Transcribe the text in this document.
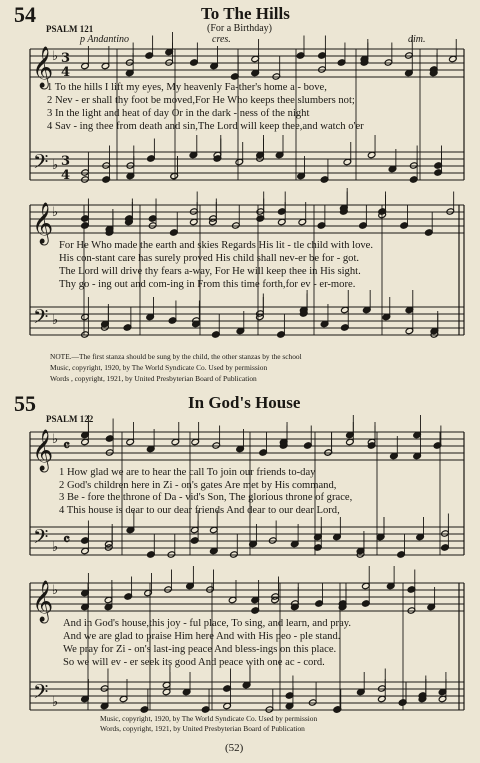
54	To The Hills
(For a Birthday)
PSALM 121
p Andantino	cres.	dim.
𝄞
𝄢
𝄞
𝄢
𝄞
𝄢
𝄞
𝄢
♭
♭
♭
♭
♭
♭
♭
♭
3
4
3
4
𝄴
𝄴
1 To the hills I lift my eyes, My heavenly Fa-ther's home a - bove,
2 Nev - er shall thy foot be moved,For He Who keeps thee slumbers not;
3 In the light and heat of day Or in the dark - ness of the night
4 Sav - ing thee from death and sin,The Lord will keep thee,and watch o'er
For He Who made the earth and skies Regards His lit - tle child with love.
His con-stant care has surely proved His child shall nev-er be for - got.
The Lord will drive thy fears a-way, For He will keep thee in His sight.
Thy go - ing out and com-ing in From this time forth,for ev - er-more.
NOTE.—The first stanza should be sung by the child, the other stanzas by the school
Music, copyright, 1920, by The World Syndicate Co. Used by permission
Words , copyright, 1921, by United Presbyterian Board of Publication
55	In God's House
PSALM 122
1 How glad we are to hear the call To join our friends to-day
2 God's children here in Zi - on's gates Are met by His command,
3 Be - fore the throne of Da - vid's Son, The glorious throne of grace,
4 This house is dear to our dear friends And dear to our dear Lord,
And in God's house,this joy - ful place, To sing, and learn, and pray.
And we are glad to praise Him here And with His peo - ple stand.
We pray for Zi - on's last-ing peace And bless-ings on this place.
So we will ev - er seek its good And peace with one ac - cord.
Music, copyright, 1920, by The World Syndicate Co. Used by permission
Words, copyright, 1921, by United Presbyterian Board of Publication
(52)
